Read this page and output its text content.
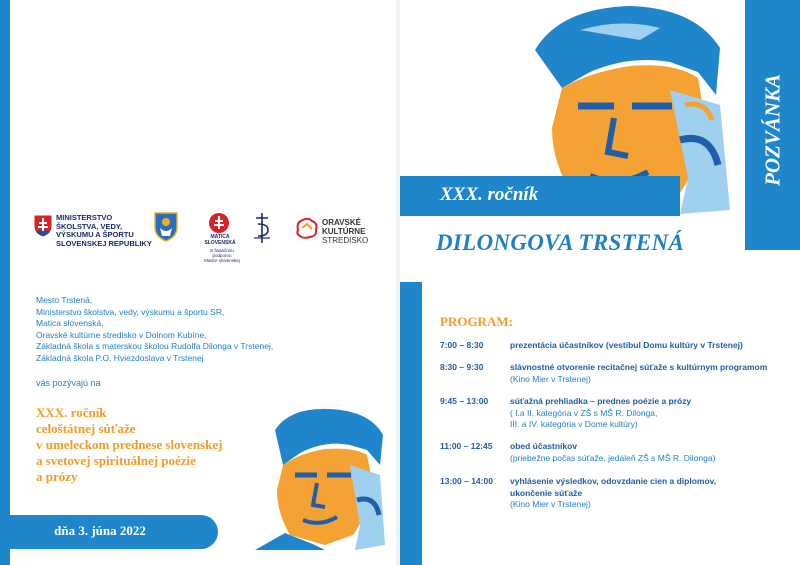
MINISTERSTVO
ŠKOLSTVA, VEDY,
VÝSKUMU A ŠPORTU
SLOVENSKEJ REPUBLIKY
MATICA
SLOVENSKÁ
S finančnou podporou
Matice slovenskej
ORAVSKÉ
KULTÚRNE
STREDISKO
Mesto Trstená,
Ministerstvo školstva, vedy, výskumu a športu SR,
Matica slovenská,
Oravské kultúrne stredisko v Dolnom Kubíne,
Základná škola s materskou školou Rudolfa Dilonga v Trstenej,
Základná škola P.O. Hviezdoslava v Trstenej
vás pozývajú na
XXX. ročník
celoštátnej súťaže
v umeleckom prednese slovenskej
a svetovej spirituálnej poézie
a prózy
dňa 3. júna 2022
XXX. ročník
DILONGOVA TRSTENÁ
POZVÁNKA
PROGRAM:
7:00 – 8:30	prezentácia účastníkov (vestibul Domu kultúry v Trstenej)
8:30 – 9:30	slávnostné otvorenie recitačnej súťaže s kultúrnym programom
(Kino Mier v Trstenej)
9:45 – 13:00	súťažná prehliadka – prednes poézie a prózy
( I.a II. kategória v ZŠ s MŠ R. Dilonga,
III. a IV. kategória v Dome kultúry)
11:00 – 12:45 obed účastníkov
(priebežne počas súťaže, jedáleň ZŠ s MŠ R. Dilonga)
13:00 – 14:00 vyhlásenie výsledkov, odovzdanie cien a diplomov,
ukončenie súťaže
(Kino Mier v Trstenej)
